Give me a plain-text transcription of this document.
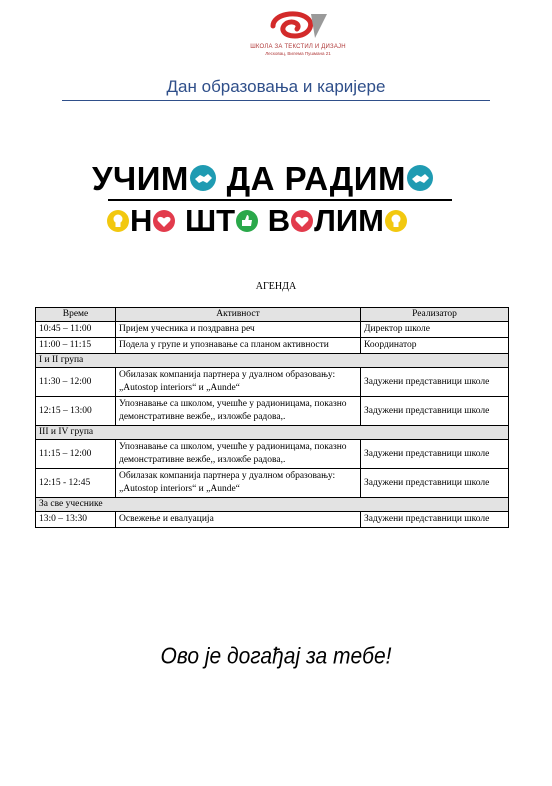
ШКОЛА ЗА ТЕКСТИЛ И ДИЗАЈН
Лесковац, Вилема Пушмана 21
Дан образовања и каријере
УЧИМ ДА РАДИМ
Н ШТ В ЛИМ
АГЕНДА
Време	Активност	Реализатор
10:45 – 11:00	Пријем учесника и поздравна реч	Директор школе
11:00 – 11:15	Подела у групе и упознавање са планом активности	Координатор
I и II група		
11:30 – 12:00	Обилазак компанија партнера у дуалном образовању: „Autostop interiors“ и „Aunde“	Задужени представници школе
12:15 – 13:00	Упознавање са школом, учешће у радионицама, показно демонстративне вежбе,, изложбе радова,.	Задужени представници школе
III и IV група		
11:15 – 12:00	Упознавање са школом, учешће у радионицама, показно демонстративне вежбе,, изложбе радова,.	Задужени представници школе
12:15 - 12:45	Обилазак компанија партнера у дуалном образовању: „Autostop interiors“ и „Aunde“	Задужени представници школе
За све учеснике		
13:0 – 13:30	Освежење и евалуација	Задужени представници школе
Ово је догађај за тебе!
